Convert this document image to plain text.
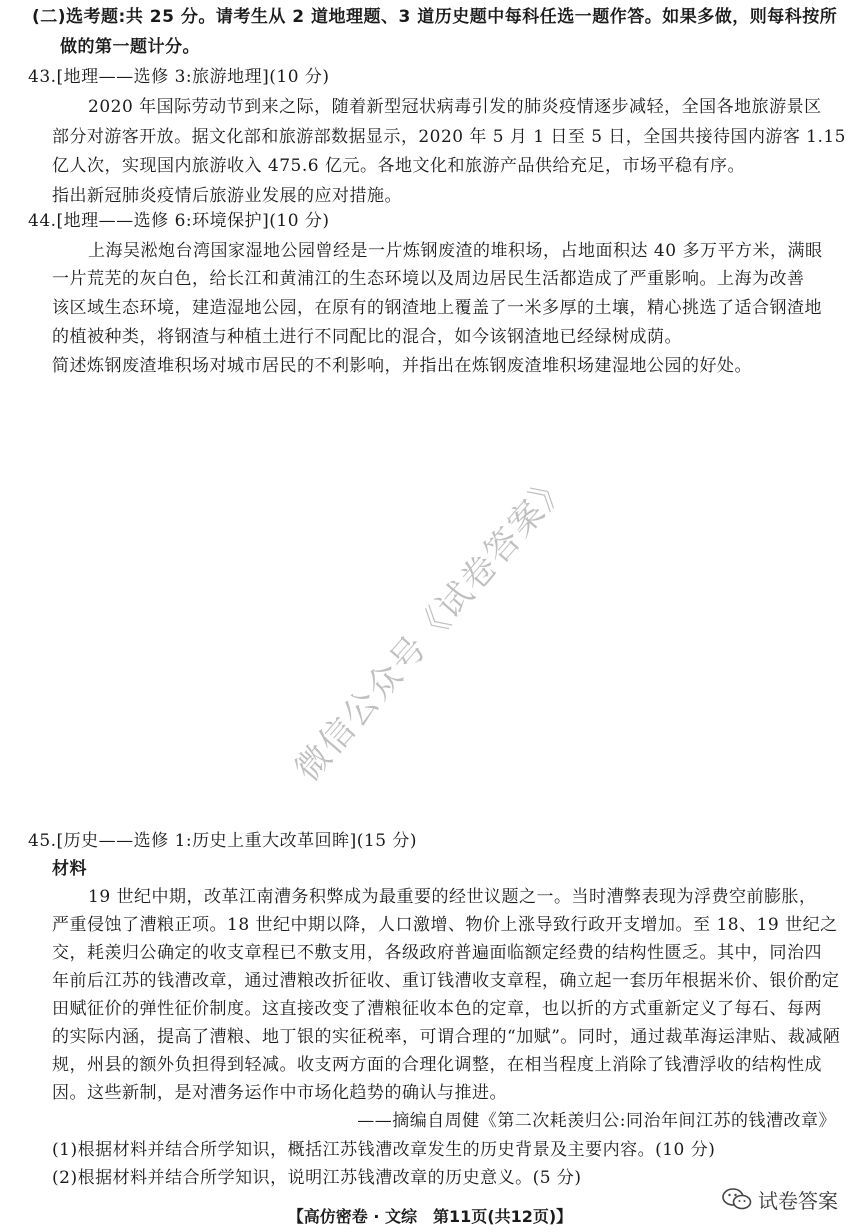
(二)选考题:共 25 分。请考生从 2 道地理题、3 道历史题中每科任选一题作答。如果多做，则每科按所
做的第一题计分。
43.[地理——选修 3:旅游地理](10 分)
2020 年国际劳动节到来之际，随着新型冠状病毒引发的肺炎疫情逐步减轻，全国各地旅游景区
部分对游客开放。据文化部和旅游部数据显示，2020 年 5 月 1 日至 5 日，全国共接待国内游客 1.15
亿人次，实现国内旅游收入 475.6 亿元。各地文化和旅游产品供给充足，市场平稳有序。
指出新冠肺炎疫情后旅游业发展的应对措施。
44.[地理——选修 6:环境保护](10 分)
上海吴淞炮台湾国家湿地公园曾经是一片炼钢废渣的堆积场，占地面积达 40 多万平方米，满眼
一片荒芜的灰白色，给长江和黄浦江的生态环境以及周边居民生活都造成了严重影响。上海为改善
该区域生态环境，建造湿地公园，在原有的钢渣地上覆盖了一米多厚的土壤，精心挑选了适合钢渣地
的植被种类，将钢渣与种植土进行不同配比的混合，如今该钢渣地已经绿树成荫。
简述炼钢废渣堆积场对城市居民的不利影响，并指出在炼钢废渣堆积场建湿地公园的好处。
微信公众号《试卷答案》
45.[历史——选修 1:历史上重大改革回眸](15 分)
材料
19 世纪中期，改革江南漕务积弊成为最重要的经世议题之一。当时漕弊表现为浮费空前膨胀，
严重侵蚀了漕粮正项。18 世纪中期以降，人口激增、物价上涨导致行政开支增加。至 18、19 世纪之
交，耗羡归公确定的收支章程已不敷支用，各级政府普遍面临额定经费的结构性匮乏。其中，同治四
年前后江苏的钱漕改章，通过漕粮改折征收、重订钱漕收支章程，确立起一套历年根据米价、银价酌定
田赋征价的弹性征价制度。这直接改变了漕粮征收本色的定章，也以折的方式重新定义了每石、每两
的实际内涵，提高了漕粮、地丁银的实征税率，可谓合理的“加赋”。同时，通过裁革海运津贴、裁减陋
规，州县的额外负担得到轻减。收支两方面的合理化调整，在相当程度上消除了钱漕浮收的结构性成
因。这些新制，是对漕务运作中市场化趋势的确认与推进。
——摘编自周健《第二次耗羡归公:同治年间江苏的钱漕改章》
(1)根据材料并结合所学知识，概括江苏钱漕改章发生的历史背景及主要内容。(10 分)
(2)根据材料并结合所学知识，说明江苏钱漕改章的历史意义。(5 分)
【高仿密卷 · 文综　第11页(共12页)】
试卷答案
